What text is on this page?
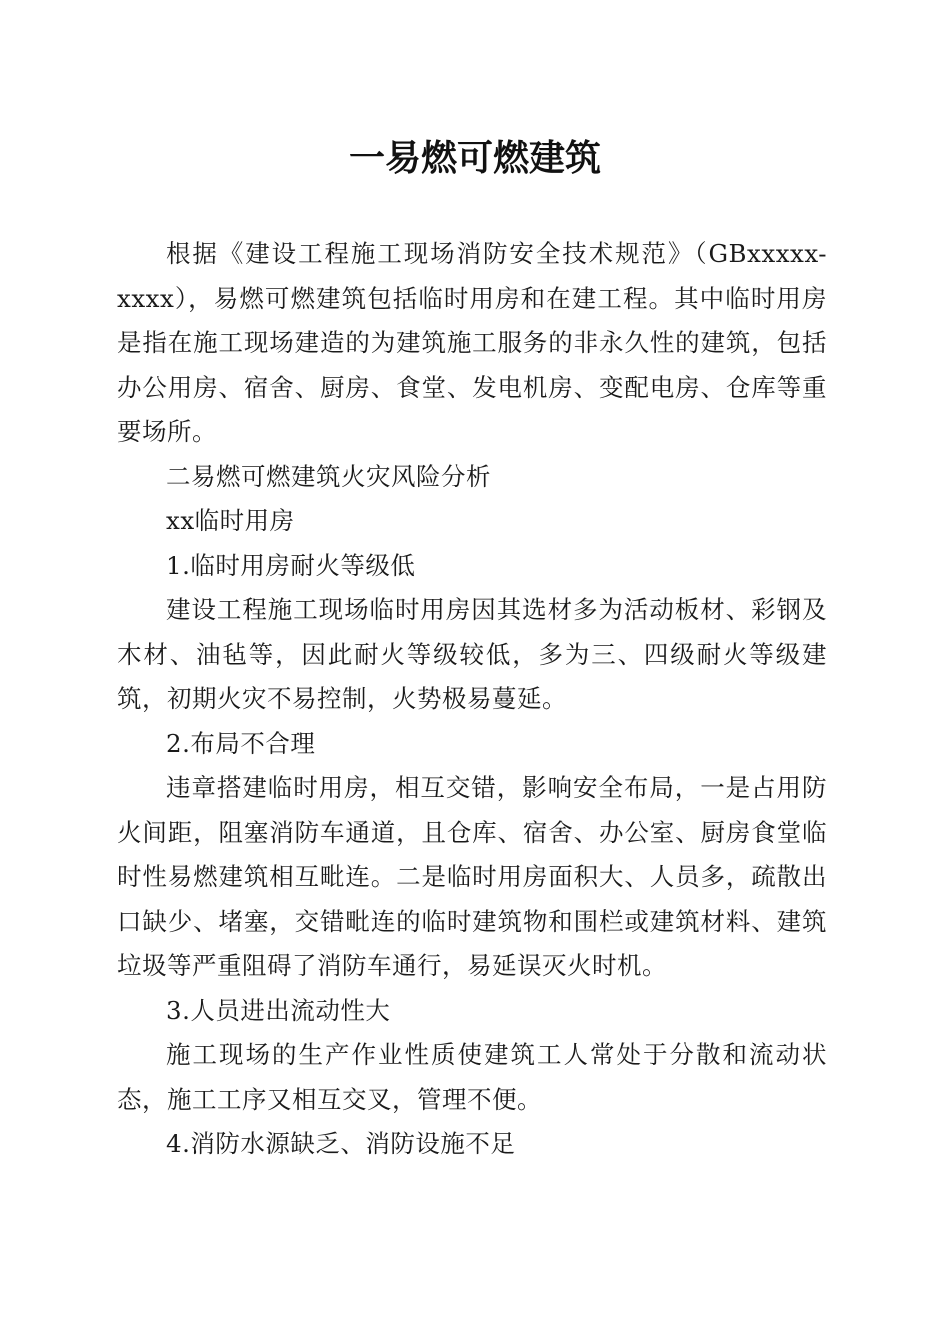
一易燃可燃建筑

根据《建设工程施工现场消防安全技术规范》（GBxxxxx-xxxx），易燃可燃建筑包括临时用房和在建工程。其中临时用房是指在施工现场建造的为建筑施工服务的非永久性的建筑，包括办公用房、宿舍、厨房、食堂、发电机房、变配电房、仓库等重要场所。

二易燃可燃建筑火灾风险分析

xx临时用房

1.临时用房耐火等级低

建设工程施工现场临时用房因其选材多为活动板材、彩钢及木材、油毡等，因此耐火等级较低，多为三、四级耐火等级建筑，初期火灾不易控制，火势极易蔓延。

2.布局不合理

违章搭建临时用房，相互交错，影响安全布局，一是占用防火间距，阻塞消防车通道，且仓库、宿舍、办公室、厨房食堂临时性易燃建筑相互毗连。二是临时用房面积大、人员多，疏散出口缺少、堵塞，交错毗连的临时建筑物和围栏或建筑材料、建筑垃圾等严重阻碍了消防车通行，易延误灭火时机。

3.人员进出流动性大

施工现场的生产作业性质使建筑工人常处于分散和流动状态，施工工序又相互交叉，管理不便。

4.消防水源缺乏、消防设施不足
